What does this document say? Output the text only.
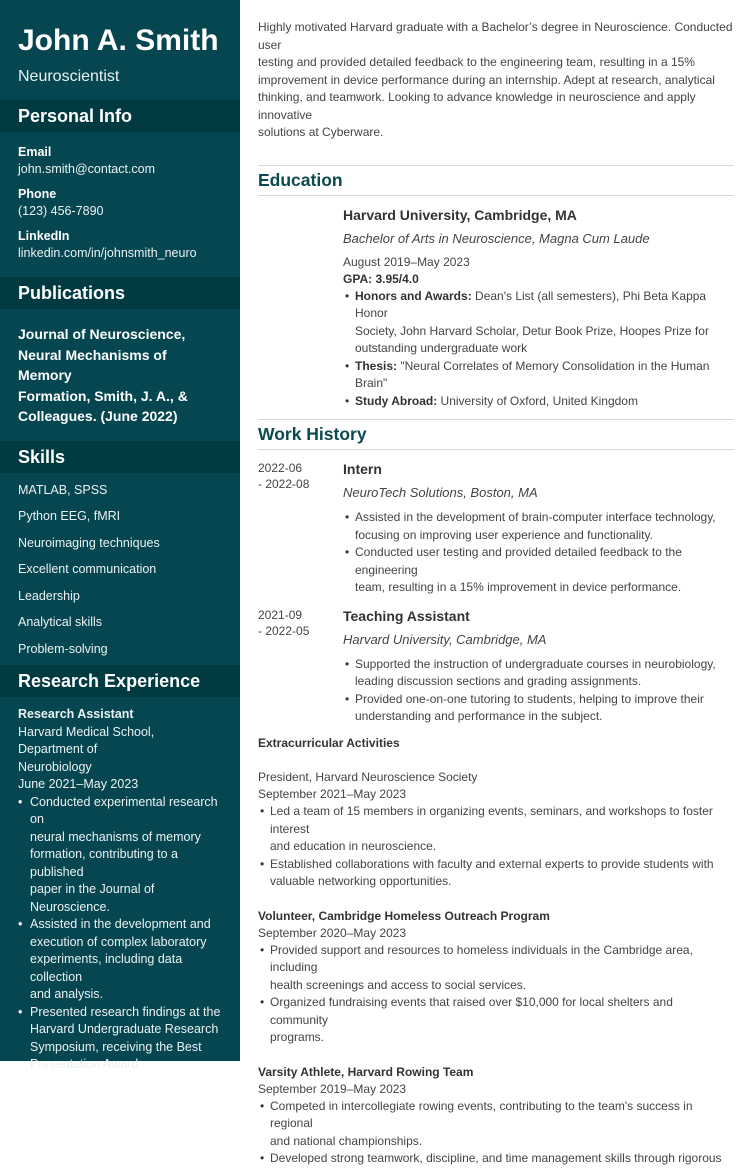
John A. Smith
Neuroscientist
Personal Info
Email
john.smith@contact.com
Phone
(123) 456-7890
LinkedIn
linkedin.com/in/johnsmith_neuro
Publications
Journal of Neuroscience,
Neural Mechanisms of Memory
Formation, Smith, J. A., &
Colleagues. (June 2022)
Skills
MATLAB, SPSS
Python EEG, fMRI
Neuroimaging techniques
Excellent communication
Leadership
Analytical skills
Problem-solving
Research Experience
Research Assistant
Harvard Medical School, Department of
Neurobiology
June 2021–May 2023
• Conducted experimental research on
neural mechanisms of memory
formation, contributing to a published
paper in the Journal of Neuroscience.
• Assisted in the development and
execution of complex laboratory
experiments, including data collection
and analysis.
• Presented research findings at the
Harvard Undergraduate Research
Symposium, receiving the Best
Presentation Award.
Highly motivated Harvard graduate with a Bachelor’s degree in Neuroscience. Conducted user
testing and provided detailed feedback to the engineering team, resulting in a 15%
improvement in device performance during an internship. Adept at research, analytical
thinking, and teamwork. Looking to advance knowledge in neuroscience and apply innovative
solutions at Cyberware.
Education
Harvard University, Cambridge, MA
Bachelor of Arts in Neuroscience, Magna Cum Laude
August 2019–May 2023
GPA: 3.95/4.0
• Honors and Awards: Dean's List (all semesters), Phi Beta Kappa Honor
Society, John Harvard Scholar, Detur Book Prize, Hoopes Prize for
outstanding undergraduate work
• Thesis: "Neural Correlates of Memory Consolidation in the Human Brain"
• Study Abroad: University of Oxford, United Kingdom
Work History
2022-06
- 2022-08
Intern
NeuroTech Solutions, Boston, MA
• Assisted in the development of brain-computer interface technology,
focusing on improving user experience and functionality.
• Conducted user testing and provided detailed feedback to the engineering
team, resulting in a 15% improvement in device performance.
2021-09
- 2022-05
Teaching Assistant
Harvard University, Cambridge, MA
• Supported the instruction of undergraduate courses in neurobiology,
leading discussion sections and grading assignments.
• Provided one-on-one tutoring to students, helping to improve their
understanding and performance in the subject.
Extracurricular Activities
President, Harvard Neuroscience Society
September 2021–May 2023
• Led a team of 15 members in organizing events, seminars, and workshops to foster interest
and education in neuroscience.
• Established collaborations with faculty and external experts to provide students with
valuable networking opportunities.
Volunteer, Cambridge Homeless Outreach Program
September 2020–May 2023
• Provided support and resources to homeless individuals in the Cambridge area, including
health screenings and access to social services.
• Organized fundraising events that raised over $10,000 for local shelters and community
programs.
Varsity Athlete, Harvard Rowing Team
September 2019–May 2023
• Competed in intercollegiate rowing events, contributing to the team's success in regional
and national championships.
• Developed strong teamwork, discipline, and time management skills through rigorous
